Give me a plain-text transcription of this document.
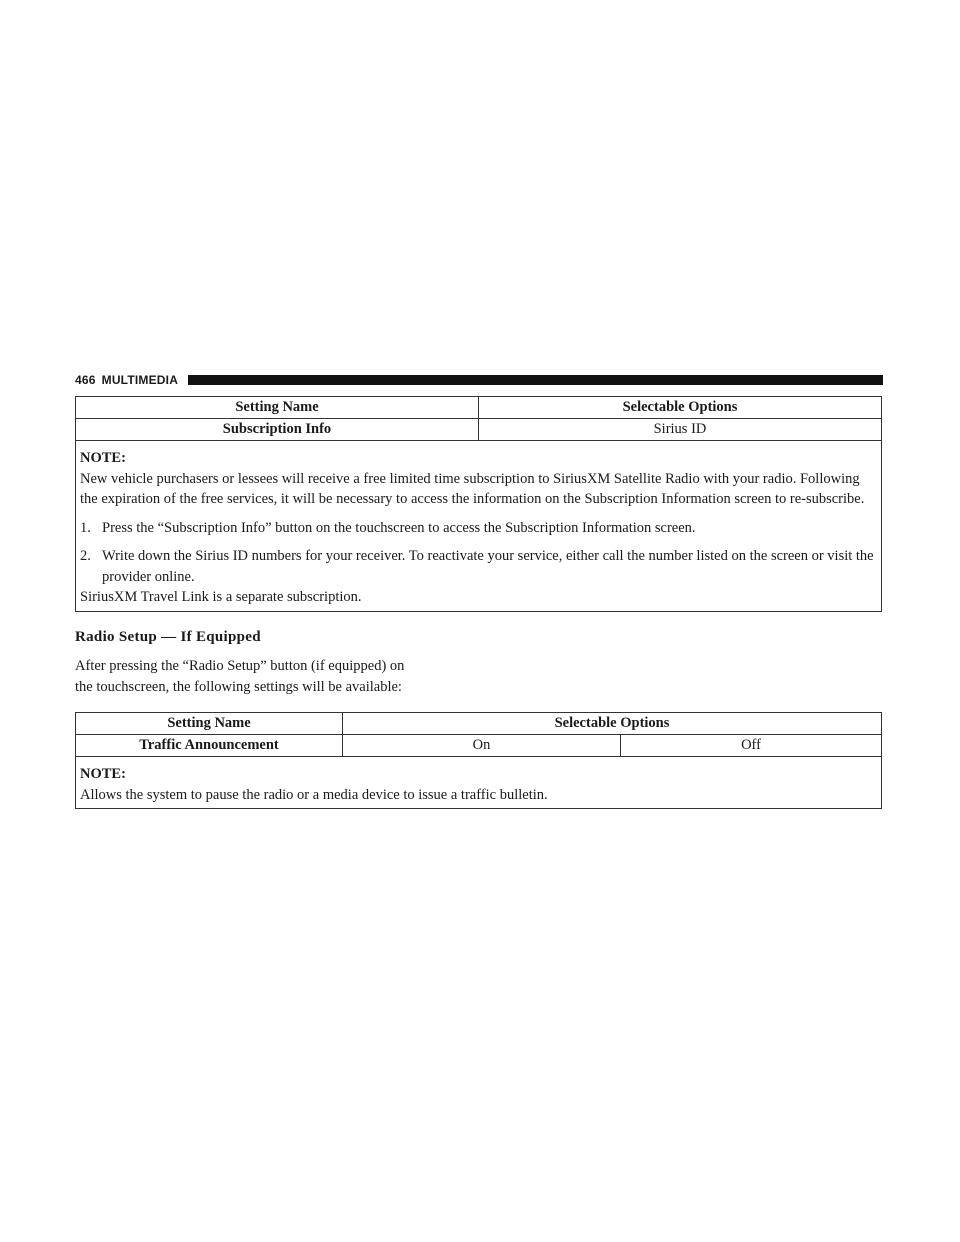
466 MULTIMEDIA
Setting Name	Selectable Options
Subscription Info	Sirius ID

NOTE:

New vehicle purchasers or lessees will receive a free limited time subscription to SiriusXM Satellite Radio with your radio. Following the expiration of the free services, it will be necessary to access the information on the Subscription Information screen to re-subscribe.

1. Press the “Subscription Info” button on the touchscreen to access the Subscription Information screen.
2. Write down the Sirius ID numbers for your receiver. To reactivate your service, either call the number listed on the screen or visit the provider online.

SiriusXM Travel Link is a separate subscription.	

Radio Setup — If Equipped
After pressing the “Radio Setup” button (if equipped) on
the touchscreen, the following settings will be available:
Setting Name	Selectable Options	
Traffic Announcement	On	Off

NOTE:

Allows the system to pause the radio or a media device to issue a traffic bulletin.		
